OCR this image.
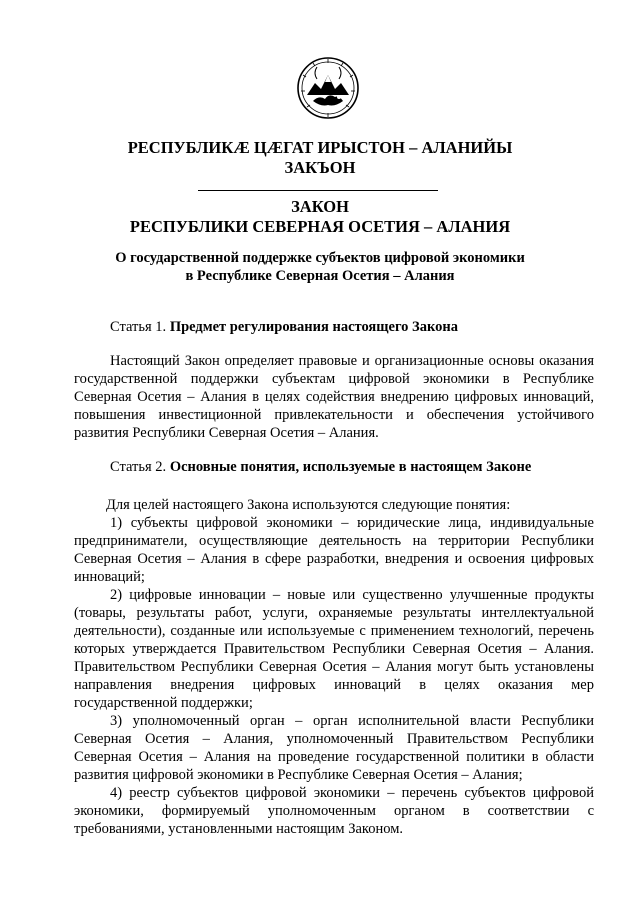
РЕСПУБЛИКÆ ЦÆГАТ ИРЫСТОН – АЛАНИЙЫ
ЗАКЪОН
ЗАКОН
РЕСПУБЛИКИ СЕВЕРНАЯ ОСЕТИЯ – АЛАНИЯ
О государственной поддержке субъектов цифровой экономики
в Республике Северная Осетия – Алания
Статья 1. Предмет регулирования настоящего Закона
Настоящий Закон определяет правовые и организационные основы оказания государственной поддержки субъектам цифровой экономики в Республике Северная Осетия – Алания в целях содействия внедрению цифровых инноваций, повышения инвестиционной привлекательности и обеспечения устойчивого развития Республики Северная Осетия – Алания.
Статья 2. Основные понятия, используемые в настоящем Законе
Для целей настоящего Закона используются следующие понятия:

1) субъекты цифровой экономики – юридические лица, индивидуальные предприниматели, осуществляющие деятельность на территории Республики Северная Осетия – Алания в сфере разработки, внедрения и освоения цифровых инноваций;

2) цифровые инновации – новые или существенно улучшенные продукты (товары, результаты работ, услуги, охраняемые результаты интеллектуальной деятельности), созданные или используемые с применением технологий, перечень которых утверждается Правительством Республики Северная Осетия – Алания. Правительством Республики Северная Осетия – Алания могут быть установлены направления внедрения цифровых инноваций в целях оказания мер государственной поддержки;

3) уполномоченный орган – орган исполнительной власти Республики Северная Осетия – Алания, уполномоченный Правительством Республики Северная Осетия – Алания на проведение государственной политики в области развития цифровой экономики в Республике Северная Осетия – Алания;

4) реестр субъектов цифровой экономики – перечень субъектов цифровой экономики, формируемый уполномоченным органом в соответствии с требованиями, установленными настоящим Законом.
